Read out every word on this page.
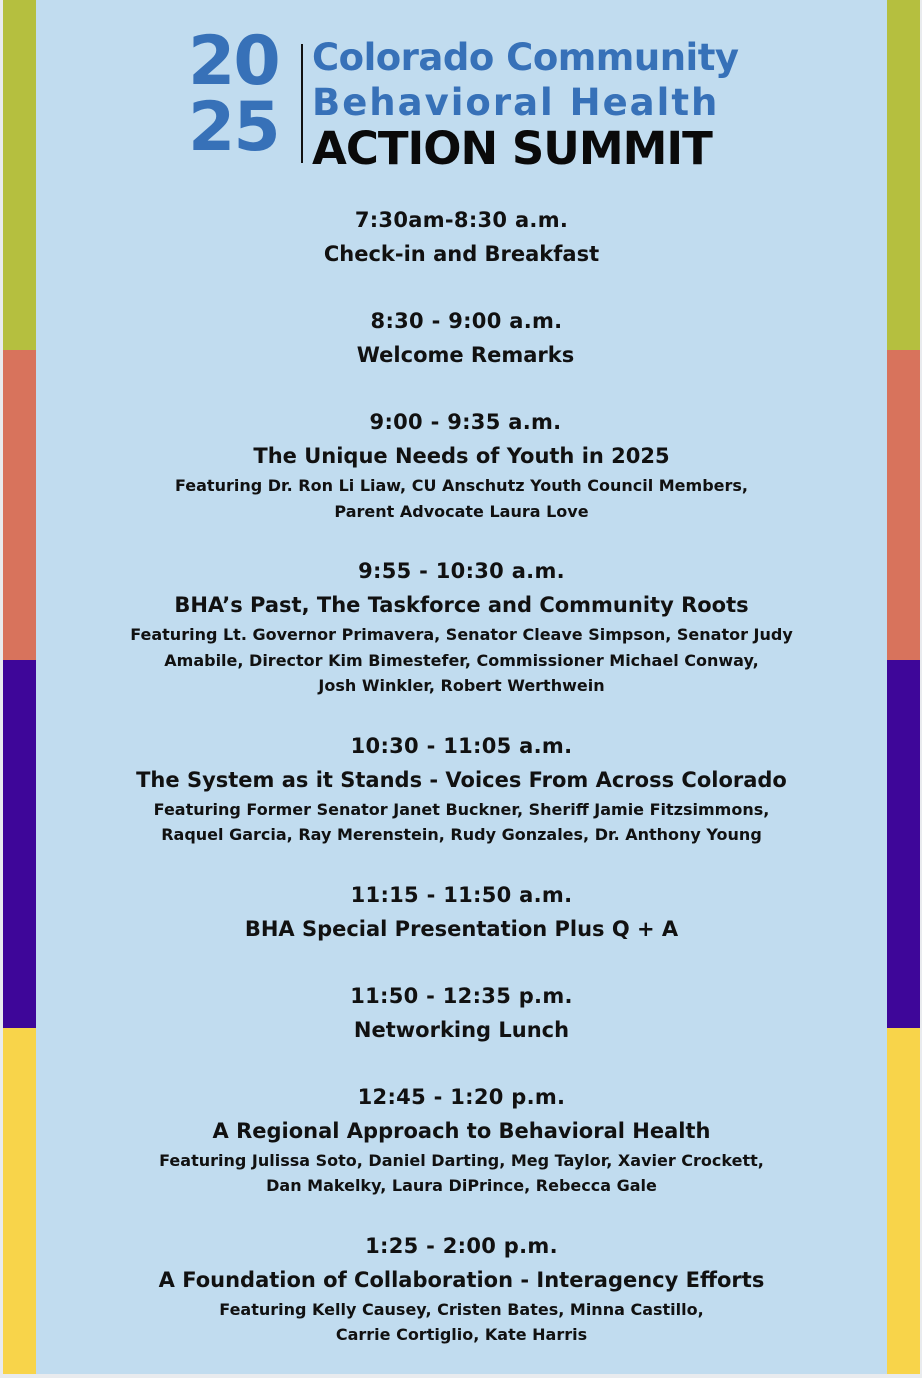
20
25
Colorado Community
Behavioral Health
ACTION SUMMIT
7:30am-8:30 a.m.
Check-in and Breakfast
8:30 - 9:00 a.m.
Welcome Remarks
9:00 - 9:35 a.m.
The Unique Needs of Youth in 2025
Featuring Dr. Ron Li Liaw, CU Anschutz Youth Council Members,
Parent Advocate Laura Love
9:55 - 10:30 a.m.
BHA’s Past, The Taskforce and Community Roots
Featuring Lt. Governor Primavera, Senator Cleave Simpson, Senator Judy
Amabile, Director Kim Bimestefer, Commissioner Michael Conway,
Josh Winkler, Robert Werthwein
10:30 - 11:05 a.m.
The System as it Stands - Voices From Across Colorado
Featuring Former Senator Janet Buckner, Sheriff Jamie Fitzsimmons,
Raquel Garcia, Ray Merenstein, Rudy Gonzales, Dr. Anthony Young
11:15 - 11:50 a.m.
BHA Special Presentation Plus Q + A
11:50 - 12:35 p.m.
Networking Lunch
12:45 - 1:20 p.m.
A Regional Approach to Behavioral Health
Featuring Julissa Soto, Daniel Darting, Meg Taylor, Xavier Crockett,
Dan Makelky, Laura DiPrince, Rebecca Gale
1:25 - 2:00 p.m.
A Foundation of Collaboration - Interagency Efforts
Featuring Kelly Causey, Cristen Bates, Minna Castillo,
Carrie Cortiglio, Kate Harris
